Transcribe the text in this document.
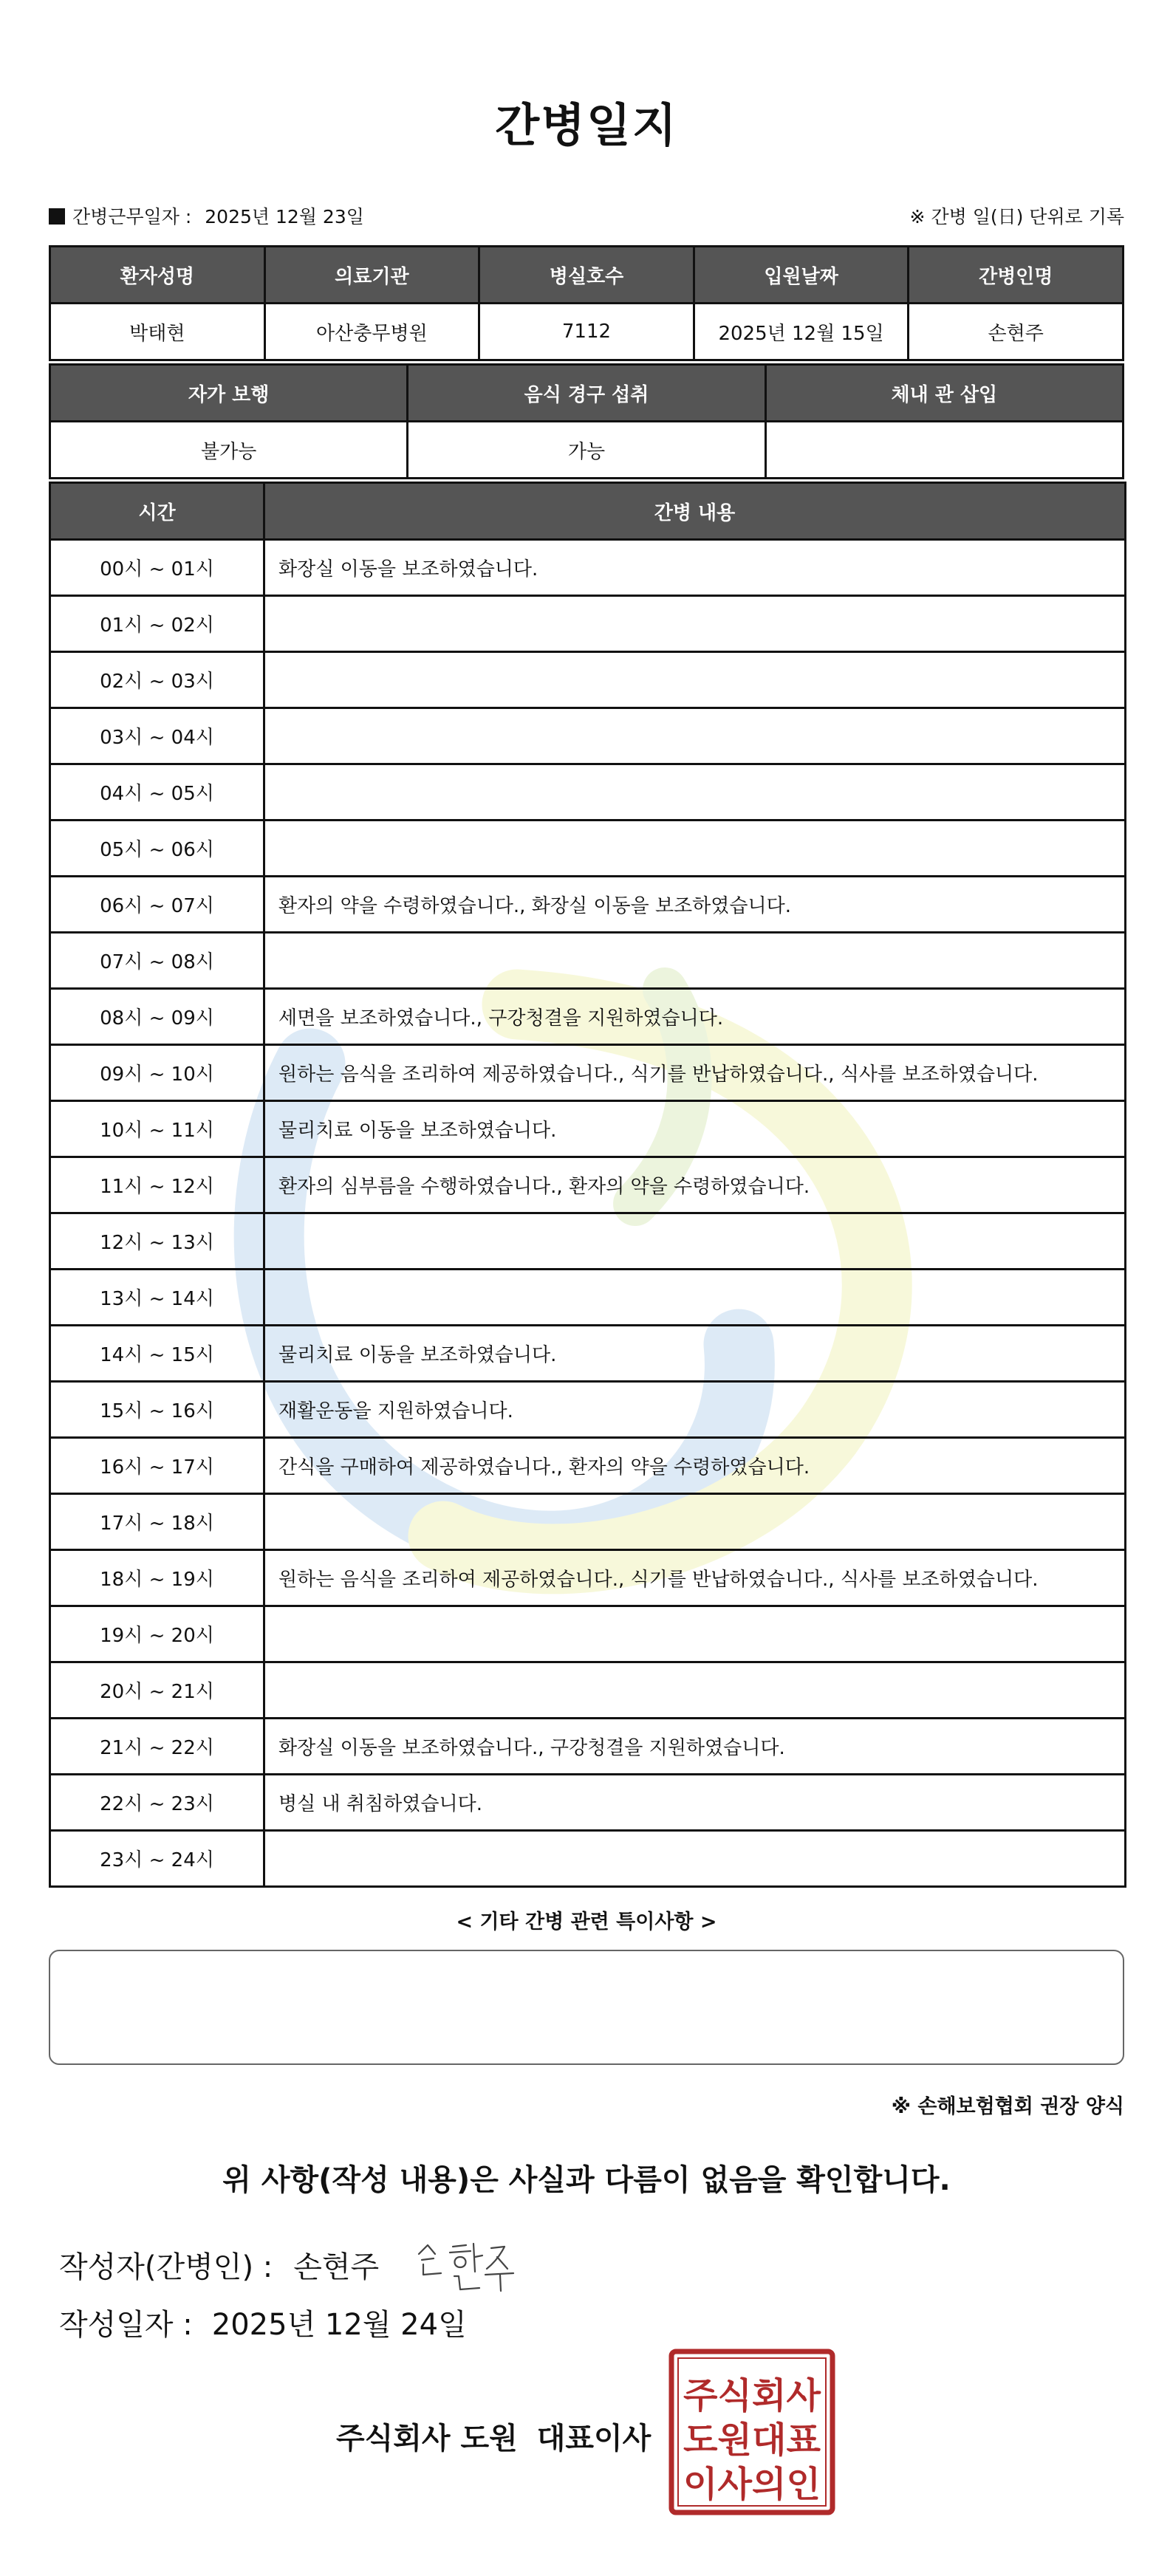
간병일지
간병근무일자 : 2025년 12월 23일	※ 간병 일(日) 단위로 기록
환자성명	의료기관	병실호수	입원날짜	간병인명
박태현	아산충무병원	7112	2025년 12월 15일	손현주
자가 보행	음식 경구 섭취	체내 관 삽입
불가능	가능	
시간	간병 내용
00시 ~ 01시	화장실 이동을 보조하였습니다.
01시 ~ 02시	
02시 ~ 03시	
03시 ~ 04시	
04시 ~ 05시	
05시 ~ 06시	
06시 ~ 07시	환자의 약을 수령하였습니다., 화장실 이동을 보조하였습니다.
07시 ~ 08시	
08시 ~ 09시	세면을 보조하였습니다., 구강청결을 지원하였습니다.
09시 ~ 10시	원하는 음식을 조리하여 제공하였습니다., 식기를 반납하였습니다., 식사를 보조하였습니다.
10시 ~ 11시	물리치료 이동을 보조하였습니다.
11시 ~ 12시	환자의 심부름을 수행하였습니다., 환자의 약을 수령하였습니다.
12시 ~ 13시	
13시 ~ 14시	
14시 ~ 15시	물리치료 이동을 보조하였습니다.
15시 ~ 16시	재활운동을 지원하였습니다.
16시 ~ 17시	간식을 구매하여 제공하였습니다., 환자의 약을 수령하였습니다.
17시 ~ 18시	
18시 ~ 19시	원하는 음식을 조리하여 제공하였습니다., 식기를 반납하였습니다., 식사를 보조하였습니다.
19시 ~ 20시	
20시 ~ 21시	
21시 ~ 22시	화장실 이동을 보조하였습니다., 구강청결을 지원하였습니다.
22시 ~ 23시	병실 내 취침하였습니다.
23시 ~ 24시	
< 기타 간병 관련 특이사항 >
※ 손해보험협회 권장 양식
위 사항(작성 내용)은 사실과 다름이 없음을 확인합니다.
작성자(간병인) : 손현주
작성일자 : 2025년 12월 24일
주식회사 도원 대표이사
주식회사
도원대표
이사의인
